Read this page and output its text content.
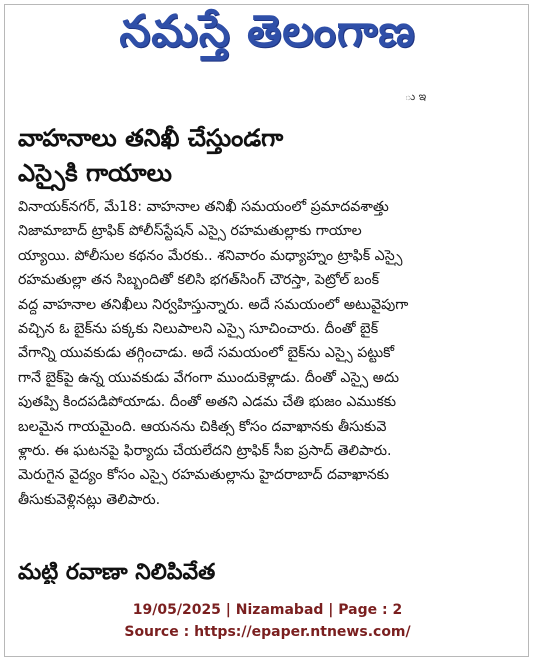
నమస్తే తెలంగాణ
ు ఇ
వాహనాలు తనిఖీ చేస్తుండగా
ఎస్సైకి గాయాలు
వినాయక్‌నగర్, మే18: వాహనాల తనిఖీ సమయంలో ప్రమాదవశాత్తు
నిజామాబాద్ ట్రాఫిక్ పోలీస్‌స్టేషన్ ఎస్సై రహమతుల్లాకు గాయాల
య్యాయి. పోలీసుల కథనం మేరకు.. శనివారం మధ్యాహ్నం ట్రాఫిక్ ఎస్సై
రహమతుల్లా తన సిబ్బందితో కలిసి భగత్‌సింగ్ చౌరస్తా, పెట్రోల్ బంక్
వద్ద వాహనాల తనిఖీలు నిర్వహిస్తున్నారు. అదే సమయంలో అటువైపుగా
వచ్చిన ఓ బైక్‌ను పక్కకు నిలుపాలని ఎస్సై సూచించారు. దీంతో బైక్
వేగాన్ని యువకుడు తగ్గించాడు. అదే సమయంలో బైక్‌ను ఎస్సై పట్టుకో
గానే బైక్‌పై ఉన్న యువకుడు వేగంగా ముందుకెళ్లాడు. దీంతో ఎస్సై అదు
పుతప్పి కిందపడిపోయాడు. దీంతో అతని ఎడమ చేతి భుజం ఎముకకు
బలమైన గాయమైంది. ఆయనను చికిత్స కోసం దవాఖానకు తీసుకువె
ళ్లారు. ఈ ఘటనపై ఫిర్యాదు చేయలేదని ట్రాఫిక్ సీఐ ప్రసాద్ తెలిపారు.
మెరుగైన వైద్యం కోసం ఎస్సై రహమతుల్లాను హైదరాబాద్ దవాఖానకు
తీసుకువెళ్లినట్లు తెలిపారు.
మట్టి రవాణా నిలిపివేత
19/05/2025 | Nizamabad | Page : 2
Source : https://epaper.ntnews.com/
